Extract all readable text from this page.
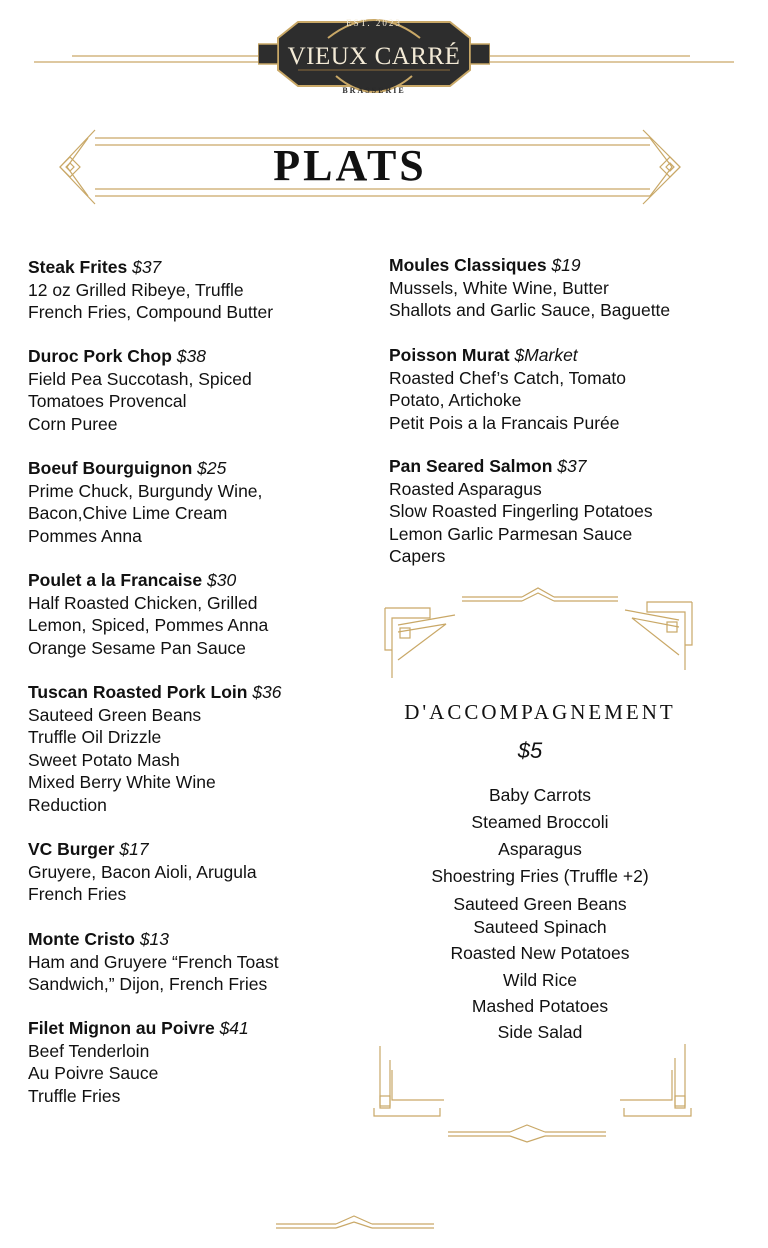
EST. 2023
VIEUX CARRÉ
BRASSERIE
PLATS
Steak Frites $37
12 oz Grilled Ribeye, Truffle
French Fries, Compound Butter
Duroc Pork Chop $38
Field Pea Succotash, Spiced
Tomatoes Provencal
Corn Puree
Boeuf Bourguignon $25
Prime Chuck, Burgundy Wine,
Bacon,Chive Lime Cream
Pommes Anna
Poulet a la Francaise $30
Half Roasted Chicken, Grilled
Lemon, Spiced, Pommes Anna
Orange Sesame Pan Sauce
Tuscan Roasted Pork Loin $36
Sauteed Green Beans
Truffle Oil Drizzle
Sweet Potato Mash
Mixed Berry White Wine
Reduction
VC Burger $17
Gruyere, Bacon Aioli, Arugula
French Fries
Monte Cristo $13
Ham and Gruyere “French Toast
Sandwich,” Dijon, French Fries
Filet Mignon au Poivre $41
Beef Tenderloin
Au Poivre Sauce
Truffle Fries
Moules Classiques $19
Mussels, White Wine, Butter
Shallots and Garlic Sauce, Baguette
Poisson Murat $Market
Roasted Chef’s Catch, Tomato
Potato, Artichoke
Petit Pois a la Francais Purée
Pan Seared Salmon $37
Roasted Asparagus
Slow Roasted Fingerling Potatoes
Lemon Garlic Parmesan Sauce
Capers
D'ACCOMPAGNEMENT
$5
Baby Carrots
Steamed Broccoli
Asparagus
Shoestring Fries (Truffle +2)
Sauteed Green Beans
Sauteed Spinach
Roasted New Potatoes
Wild Rice
Mashed Potatoes
Side Salad
